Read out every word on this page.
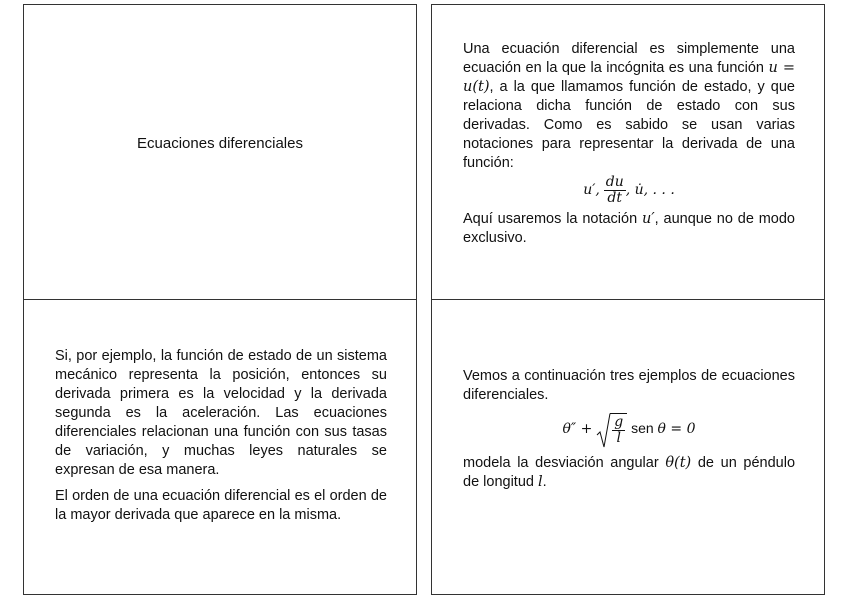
Ecuaciones diferenciales

Una ecuación diferencial es simplemente una ecuación en la que la incógnita es una función u = u(t), a la que llamamos función de estado, y que relaciona dicha función de estado con sus derivadas. Como es sabido se usan varias notaciones para representar la derivada de una función:

u′, $\frac{du}{dt}$ , u̇, . . .

Aquí usaremos la notación u′, aunque no de modo exclusivo.

Si, por ejemplo, la función de estado de un sistema mecánico representa la posición, entonces su derivada primera es la velocidad y la derivada segunda es la aceleración. Las ecuaciones diferenciales relacionan una función con sus tasas de variación, y muchas leyes naturales se expresan de esa manera.

El orden de una ecuación diferencial es el orden de la mayor derivada que aparece en la misma.

Vemos a continuación tres ejemplos de ecuaciones diferenciales.

$\theta'' + \frac{g}{l}$ sen θ = 0

modela la desviación angular θ(t) de un péndulo de longitud l.
